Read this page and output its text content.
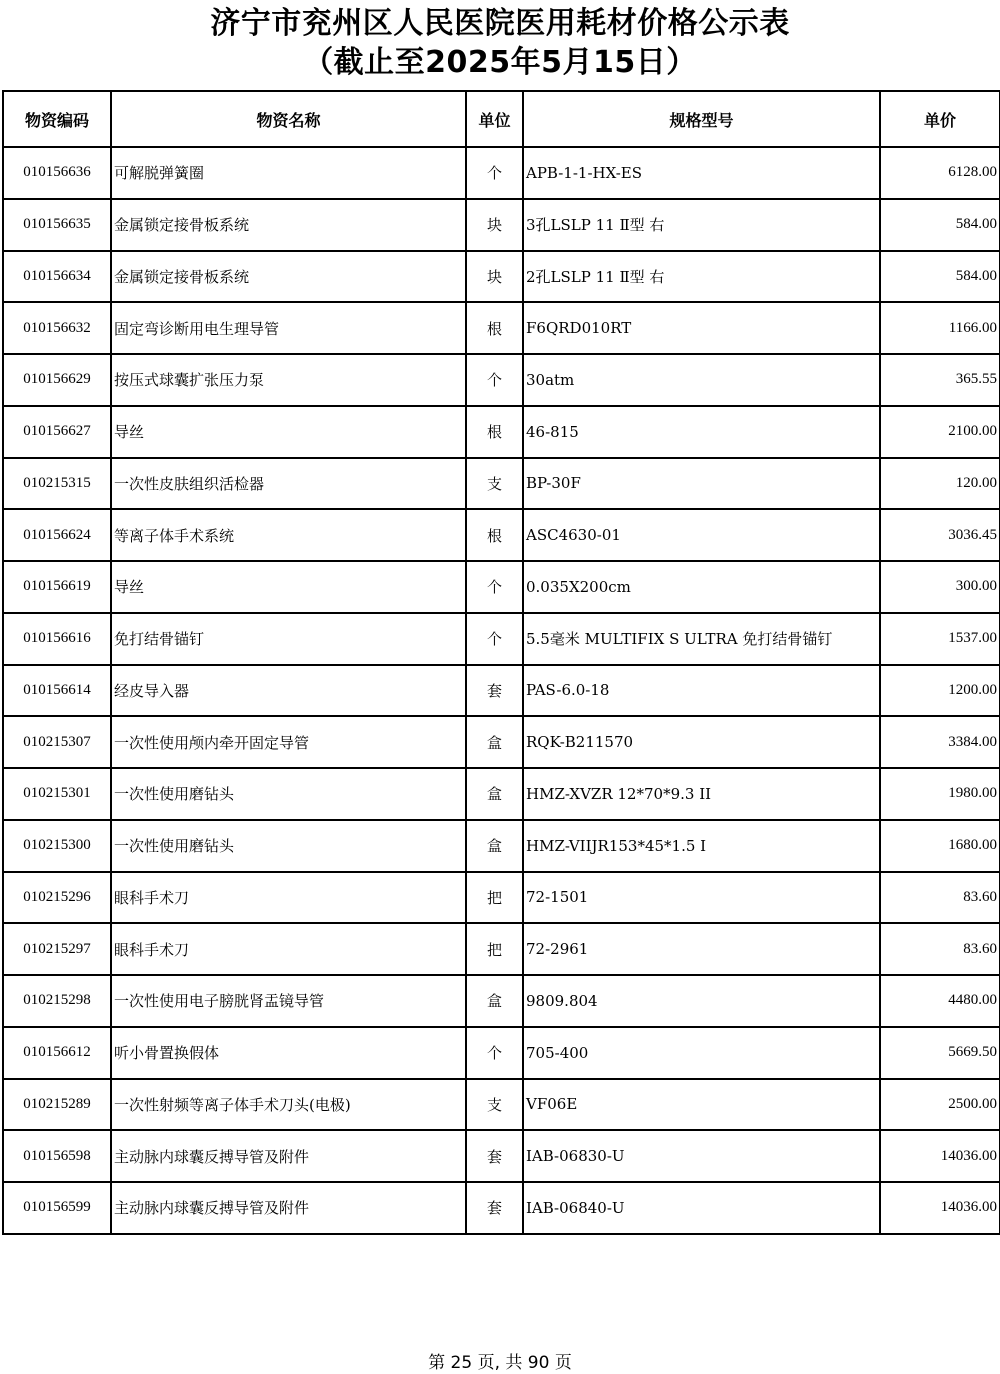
济宁市兖州区人民医院医用耗材价格公示表
（截止至2025年5月15日）
物资编码	物资名称	单位	规格型号	单价
010156636	可解脱弹簧圈	个	APB-1-1-HX-ES	6128.00
010156635	金属锁定接骨板系统	块	3孔LSLP 11 Ⅱ型 右	584.00
010156634	金属锁定接骨板系统	块	2孔LSLP 11 Ⅱ型 右	584.00
010156632	固定弯诊断用电生理导管	根	F6QRD010RT	1166.00
010156629	按压式球囊扩张压力泵	个	30atm	365.55
010156627	导丝	根	46-815	2100.00
010215315	一次性皮肤组织活检器	支	BP-30F	120.00
010156624	等离子体手术系统	根	ASC4630-01	3036.45
010156619	导丝	个	0.035X200cm	300.00
010156616	免打结骨锚钉	个	5.5毫米 MULTIFIX S ULTRA 免打结骨锚钉	1537.00
010156614	经皮导入器	套	PAS-6.0-18	1200.00
010215307	一次性使用颅内牵开固定导管	盒	RQK-B211570	3384.00
010215301	一次性使用磨钻头	盒	HMZ-XVZR 12*70*9.3 II	1980.00
010215300	一次性使用磨钻头	盒	HMZ-VIIJR153*45*1.5 I	1680.00
010215296	眼科手术刀	把	72-1501	83.60
010215297	眼科手术刀	把	72-2961	83.60
010215298	一次性使用电子膀胱肾盂镜导管	盒	9809.804	4480.00
010156612	听小骨置换假体	个	705-400	5669.50
010215289	一次性射频等离子体手术刀头(电极)	支	VF06E	2500.00
010156598	主动脉内球囊反搏导管及附件	套	IAB-06830-U	14036.00
010156599	主动脉内球囊反搏导管及附件	套	IAB-06840-U	14036.00
第 25 页, 共 90 页
